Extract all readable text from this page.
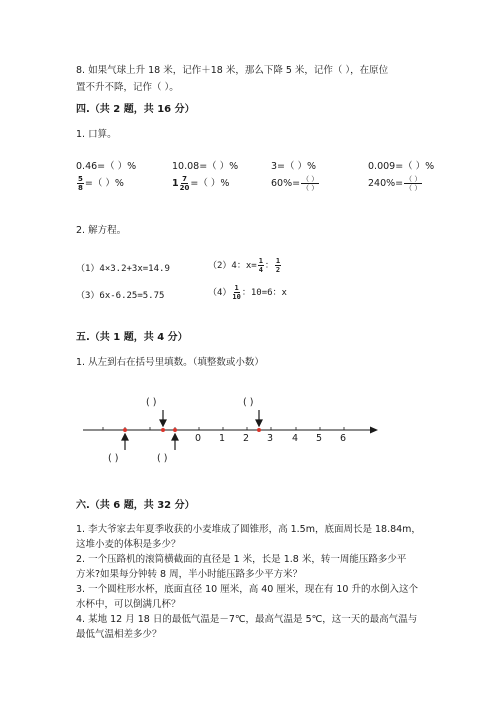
8. 如果气球上升 18 米，记作＋18 米，那么下降 5 米，记作（ ），在原位
置不升不降，记作（ ）。
四.（共 2 题，共 16 分）
1. 口算。
0.46=（ ）%	10.08=（ ）%	3=（ ）%	0.009=（ ）%
$\frac{5}{8}$ =（ ）%	$1 \frac{7}{20}$ =（ ）%	$60\%= \frac{( )}{( )}$	$240\%= \frac{( )}{( )}$
2. 解方程。
（1）4×3.2+3x=14.9	（2）4：$x= \frac{1}{4}$ ： $\frac{1}{2}$
（3）6x-6.25=5.75	$(4) \frac{1}{10}$ ：10=6：x
五.（共 1 题，共 4 分）
1. 从左到右在括号里填数。（填整数或小数）
0 1 2 3 4 5 6
( )	( )
( )	( )
六.（共 6 题，共 32 分）
1. 李大爷家去年夏季收获的小麦堆成了圆锥形，高 1.5m，底面周长是 18.84m，
这堆小麦的体积是多少？
2. 一个压路机的滚筒横截面的直径是 1 米，长是 1.8 米，转一周能压路多少平
方米?如果每分钟转 8 周，半小时能压路多少平方米？
3. 一个圆柱形水杯，底面直径 10 厘米，高 40 厘米，现在有 10 升的水倒入这个
水杯中，可以倒满几杯？
4. 某地 12 月 18 日的最低气温是－7℃，最高气温是 5℃，这一天的最高气温与
最低气温相差多少？
